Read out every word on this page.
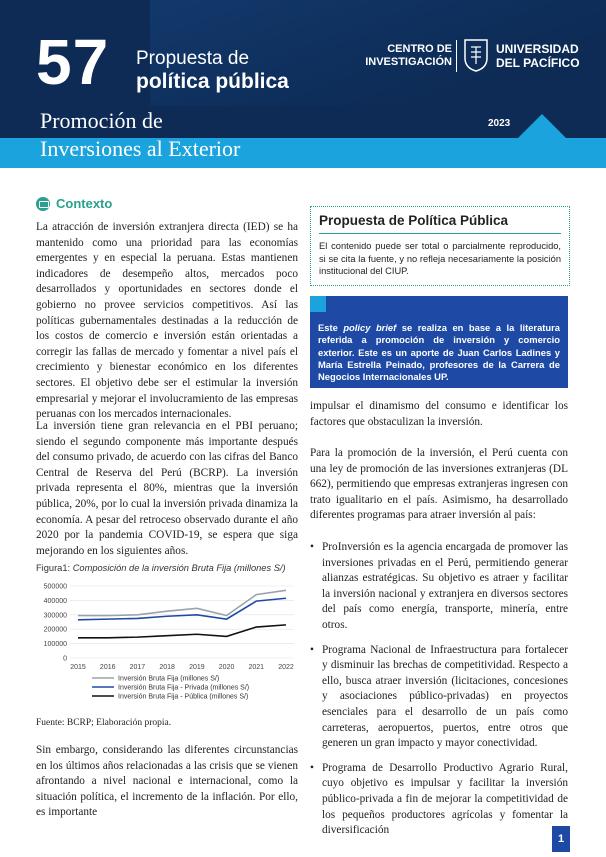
57 Propuesta de
política pública
CENTRO DE
INVESTIGACIÓN
UNIVERSIDAD
DEL PACÍFICO
Promoción de
Inversiones al Exterior
2023
Contexto

La atracción de inversión extranjera directa (IED) se ha mantenido como una prioridad para las economías emergentes y en especial la peruana. Estas mantienen indicadores de desempeño altos, mercados poco desarrollados y oportunidades en sectores donde el gobierno no provee servicios competitivos. Así las políticas gubernamentales destinadas a la reducción de los costos de comercio e inversión están orientadas a corregir las fallas de mercado y fomentar a nivel país el crecimiento y bienestar económico en los diferentes sectores. El objetivo debe ser el estimular la inversión empresarial y mejorar el involucramiento de las empresas peruanas con los mercados internacionales.

La inversión tiene gran relevancia en el PBI peruano; siendo el segundo componente más importante después del consumo privado, de acuerdo con las cifras del Banco Central de Reserva del Perú (BCRP). La inversión privada representa el 80%, mientras que la inversión pública, 20%, por lo cual la inversión privada dinamiza la economía. A pesar del retroceso observado durante el año 2020 por la pandemia COVID-19, se espera que siga mejorando en los siguientes años.

Figura1: Composición de la inversión Bruta Fija (millones S/)
0
100000
200000
300000
400000
500000
2015 2016 2017 2018 2019 2020 2021 2022
Inversión Bruta Fija (millones S/)
Inversión Bruta Fija - Privada (millones S/)
Inversión Bruta Fija - Pública (millones S/)
Fuente: BCRP; Elaboración propia.

Sin embargo, considerando las diferentes circunstancias en los últimos años relacionadas a las crisis que se vienen afrontando a nivel nacional e internacional, como la situación política, el incremento de la inflación. Por ello, es importante

Propuesta de Política Pública

El contenido puede ser total o parcialmente reproducido, si se cita la fuente, y no refleja necesariamente la posición institucional del CIUP.

Este policy brief se realiza en base a la literatura referida a promoción de inversión y comercio exterior. Este es un aporte de Juan Carlos Ladines y María Estrella Peinado, profesores de la Carrera de Negocios Internacionales UP.

impulsar el dinamismo del consumo e identificar los factores que obstaculizan la inversión.

Para la promoción de la inversión, el Perú cuenta con una ley de promoción de las inversiones extranjeras (DL 662), permitiendo que empresas extranjeras ingresen con trato igualitario en el país. Asimismo, ha desarrollado diferentes programas para atraer inversión al país:

• ProInversión es la agencia encargada de promover las inversiones privadas en el Perú, permitiendo generar alianzas estratégicas. Su objetivo es atraer y facilitar la inversión nacional y extranjera en diversos sectores del país como energía, transporte, minería, entre otros.
• Programa Nacional de Infraestructura para fortalecer y disminuir las brechas de competitividad. Respecto a ello, busca atraer inversión (licitaciones, concesiones y asociaciones público-privadas) en proyectos esenciales para el desarrollo de un país como carreteras, aeropuertos, puertos, entre otros que generen un gran impacto y mayor conectividad.
• Programa de Desarrollo Productivo Agrario Rural, cuyo objetivo es impulsar y facilitar la inversión público-privada a fin de mejorar la competitividad de los pequeños productores agrícolas y fomentar la diversificación
1
